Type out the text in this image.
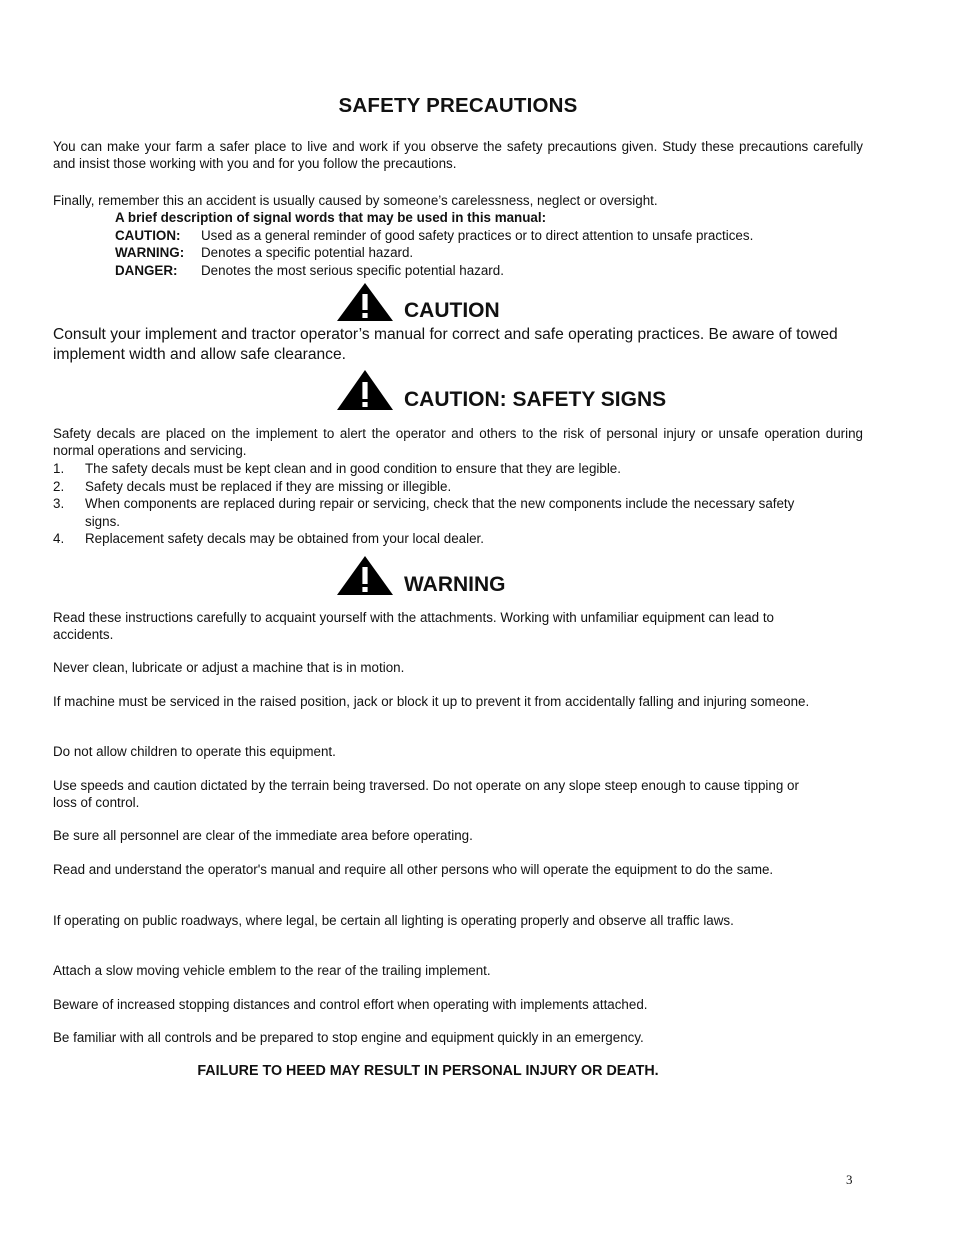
SAFETY PRECAUTIONS
You can make your farm a safer place to live and work if you observe the safety precautions given. Study these precautions carefully and insist those working with you and for you follow the precautions.
Finally, remember this an accident is usually caused by someone’s carelessness, neglect or oversight.
A brief description of signal words that may be used in this manual:
CAUTION:	Used as a general reminder of good safety practices or to direct attention to unsafe practices.
WARNING:	Denotes a specific potential hazard.
DANGER:	Denotes the most serious specific potential hazard.
CAUTION
Consult your implement and tractor operator’s manual for correct and safe operating practices. Be aware of towed implement width and allow safe clearance.
CAUTION: SAFETY SIGNS
Safety decals are placed on the implement to alert the operator and others to the risk of personal injury or unsafe operation during normal operations and servicing.
1. The safety decals must be kept clean and in good condition to ensure that they are legible.
2. Safety decals must be replaced if they are missing or illegible.
3. When components are replaced during repair or servicing, check that the new components include the necessary safety signs.
4. Replacement safety decals may be obtained from your local dealer.
WARNING
Read these instructions carefully to acquaint yourself with the attachments. Working with unfamiliar equipment can lead to accidents.
Never clean, lubricate or adjust a machine that is in motion.
If machine must be serviced in the raised position, jack or block it up to prevent it from accidentally falling and injuring someone.
Do not allow children to operate this equipment.
Use speeds and caution dictated by the terrain being traversed. Do not operate on any slope steep enough to cause tipping or loss of control.
Be sure all personnel are clear of the immediate area before operating.
Read and understand the operator's manual and require all other persons who will operate the equipment to do the same.
If operating on public roadways, where legal, be certain all lighting is operating properly and observe all traffic laws.
Attach a slow moving vehicle emblem to the rear of the trailing implement.
Beware of increased stopping distances and control effort when operating with implements attached.
Be familiar with all controls and be prepared to stop engine and equipment quickly in an emergency.
FAILURE TO HEED MAY RESULT IN PERSONAL INJURY OR DEATH.
3
